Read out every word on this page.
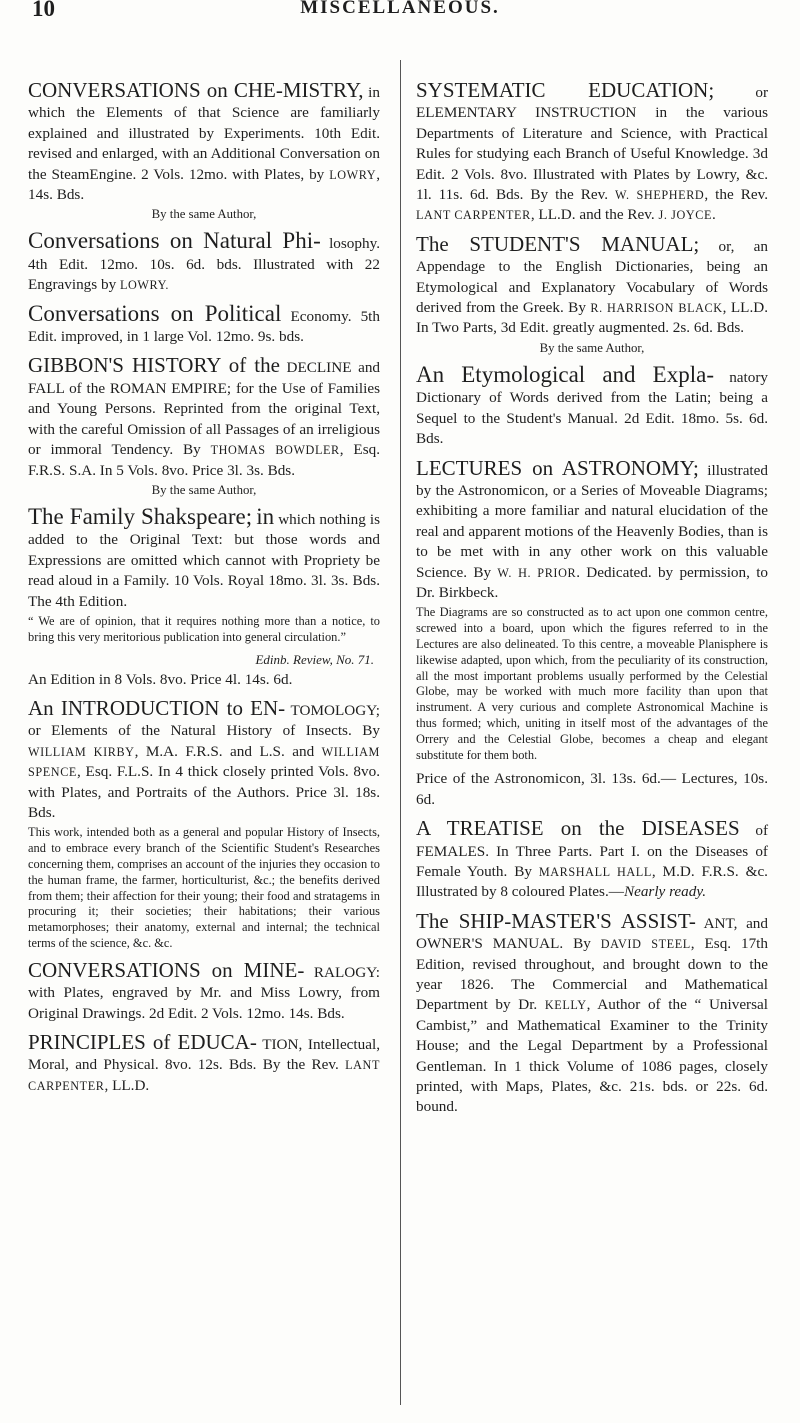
10	MISCELLANEOUS.

CONVERSATIONS on CHE-MISTRY, in which the Elements of that Science are familiarly explained and illustrated by Experiments. 10th Edit. revised and enlarged, with an Additional Conversation on the SteamEngine. 2 Vols. 12mo. with Plates, by LOWRY, 14s. Bds.

By the same Author,

Conversations on Natural Phi- losophy. 4th Edit. 12mo. 10s. 6d. bds. Illustrated with 22 Engravings by LOWRY.

Conversations on Political Economy. 5th Edit. improved, in 1 large Vol. 12mo. 9s. bds.

GIBBON'S HISTORY of the DECLINE and FALL of the ROMAN EMPIRE; for the Use of Families and Young Persons. Reprinted from the original Text, with the careful Omission of all Passages of an irreligious or immoral Tendency. By THOMAS BOWDLER, Esq. F.R.S. S.A. In 5 Vols. 8vo. Price 3l. 3s. Bds.

By the same Author,

The Family Shakspeare; in which nothing is added to the Original Text: but those words and Expressions are omitted which cannot with Propriety be read aloud in a Family. 10 Vols. Royal 18mo. 3l. 3s. Bds. The 4th Edition.

“ We are of opinion, that it requires nothing more than a notice, to bring this very meritorious publication into general circulation.”
Edinb. Review, No. 71.

An Edition in 8 Vols. 8vo. Price 4l. 14s. 6d.

An INTRODUCTION to EN- TOMOLOGY; or Elements of the Natural History of Insects. By WILLIAM KIRBY, M.A. F.R.S. and L.S. and WILLIAM SPENCE, Esq. F.L.S. In 4 thick closely printed Vols. 8vo. with Plates, and Portraits of the Authors. Price 3l. 18s. Bds.

This work, intended both as a general and popular History of Insects, and to embrace every branch of the Scientific Student's Researches concerning them, comprises an account of the injuries they occasion to the human frame, the farmer, horticulturist, &c.; the benefits derived from them; their affection for their young; their food and stratagems in procuring it; their societies; their habitations; their various metamorphoses; their anatomy, external and internal; the technical terms of the science, &c. &c.

CONVERSATIONS on MINE- RALOGY: with Plates, engraved by Mr. and Miss Lowry, from Original Drawings. 2d Edit. 2 Vols. 12mo. 14s. Bds.

PRINCIPLES of EDUCA- TION, Intellectual, Moral, and Physical. 8vo. 12s. Bds. By the Rev. LANT CARPENTER, LL.D.

SYSTEMATIC EDUCATION;	or ELEMENTARY INSTRUCTION in the various Departments of Literature and Science, with Practical Rules for studying each Branch of Useful Knowledge. 3d Edit. 2 Vols. 8vo. Illustrated with Plates by Lowry, &c. 1l. 11s. 6d. Bds. By the Rev. W. SHEPHERD, the Rev. LANT CARPENTER, LL.D. and the Rev. J. JOYCE.

The STUDENT'S MANUAL; or, an Appendage to the English Dictionaries, being an Etymological and Explanatory Vocabulary of Words derived from the Greek. By R. HARRISON BLACK, LL.D. In Two Parts, 3d Edit. greatly augmented. 2s. 6d. Bds.

By the same Author,

An Etymological and Expla- natory Dictionary of Words derived from the Latin; being a Sequel to the Student's Manual. 2d Edit. 18mo. 5s. 6d. Bds.

LECTURES on ASTRONOMY; illustrated by the Astronomicon, or a Series of Moveable Diagrams; exhibiting a more familiar and natural elucidation of the real and apparent motions of the Heavenly Bodies, than is to be met with in any other work on this valuable Science. By W. H. PRIOR. Dedicated. by permission, to Dr. Birkbeck.

The Diagrams are so constructed as to act upon one common centre, screwed into a board, upon which the figures referred to in the Lectures are also delineated. To this centre, a moveable Planisphere is likewise adapted, upon which, from the peculiarity of its construction, all the most important problems usually performed by the Celestial Globe, may be worked with much more facility than upon that instrument. A very curious and complete Astronomical Machine is thus formed; which, uniting in itself most of the advantages of the Orrery and the Celestial Globe, becomes a cheap and elegant substitute for them both.

Price of the Astronomicon, 3l. 13s. 6d.— Lectures, 10s. 6d.

A TREATISE on the DISEASES of FEMALES. In Three Parts. Part I. on the Diseases of Female Youth. By MARSHALL HALL, M.D. F.R.S. &c. Illustrated by 8 coloured Plates.—Nearly ready.

The SHIP-MASTER'S ASSIST- ANT, and OWNER'S MANUAL. By DAVID STEEL, Esq. 17th Edition, revised throughout, and brought down to the year 1826. The Commercial and Mathematical Department by Dr. KELLY, Author of the “ Universal Cambist,” and Mathematical Examiner to the Trinity House; and the Legal Department by a Professional Gentleman. In 1 thick Volume of 1086 pages, closely printed, with Maps, Plates, &c. 21s. bds. or 22s. 6d. bound.
